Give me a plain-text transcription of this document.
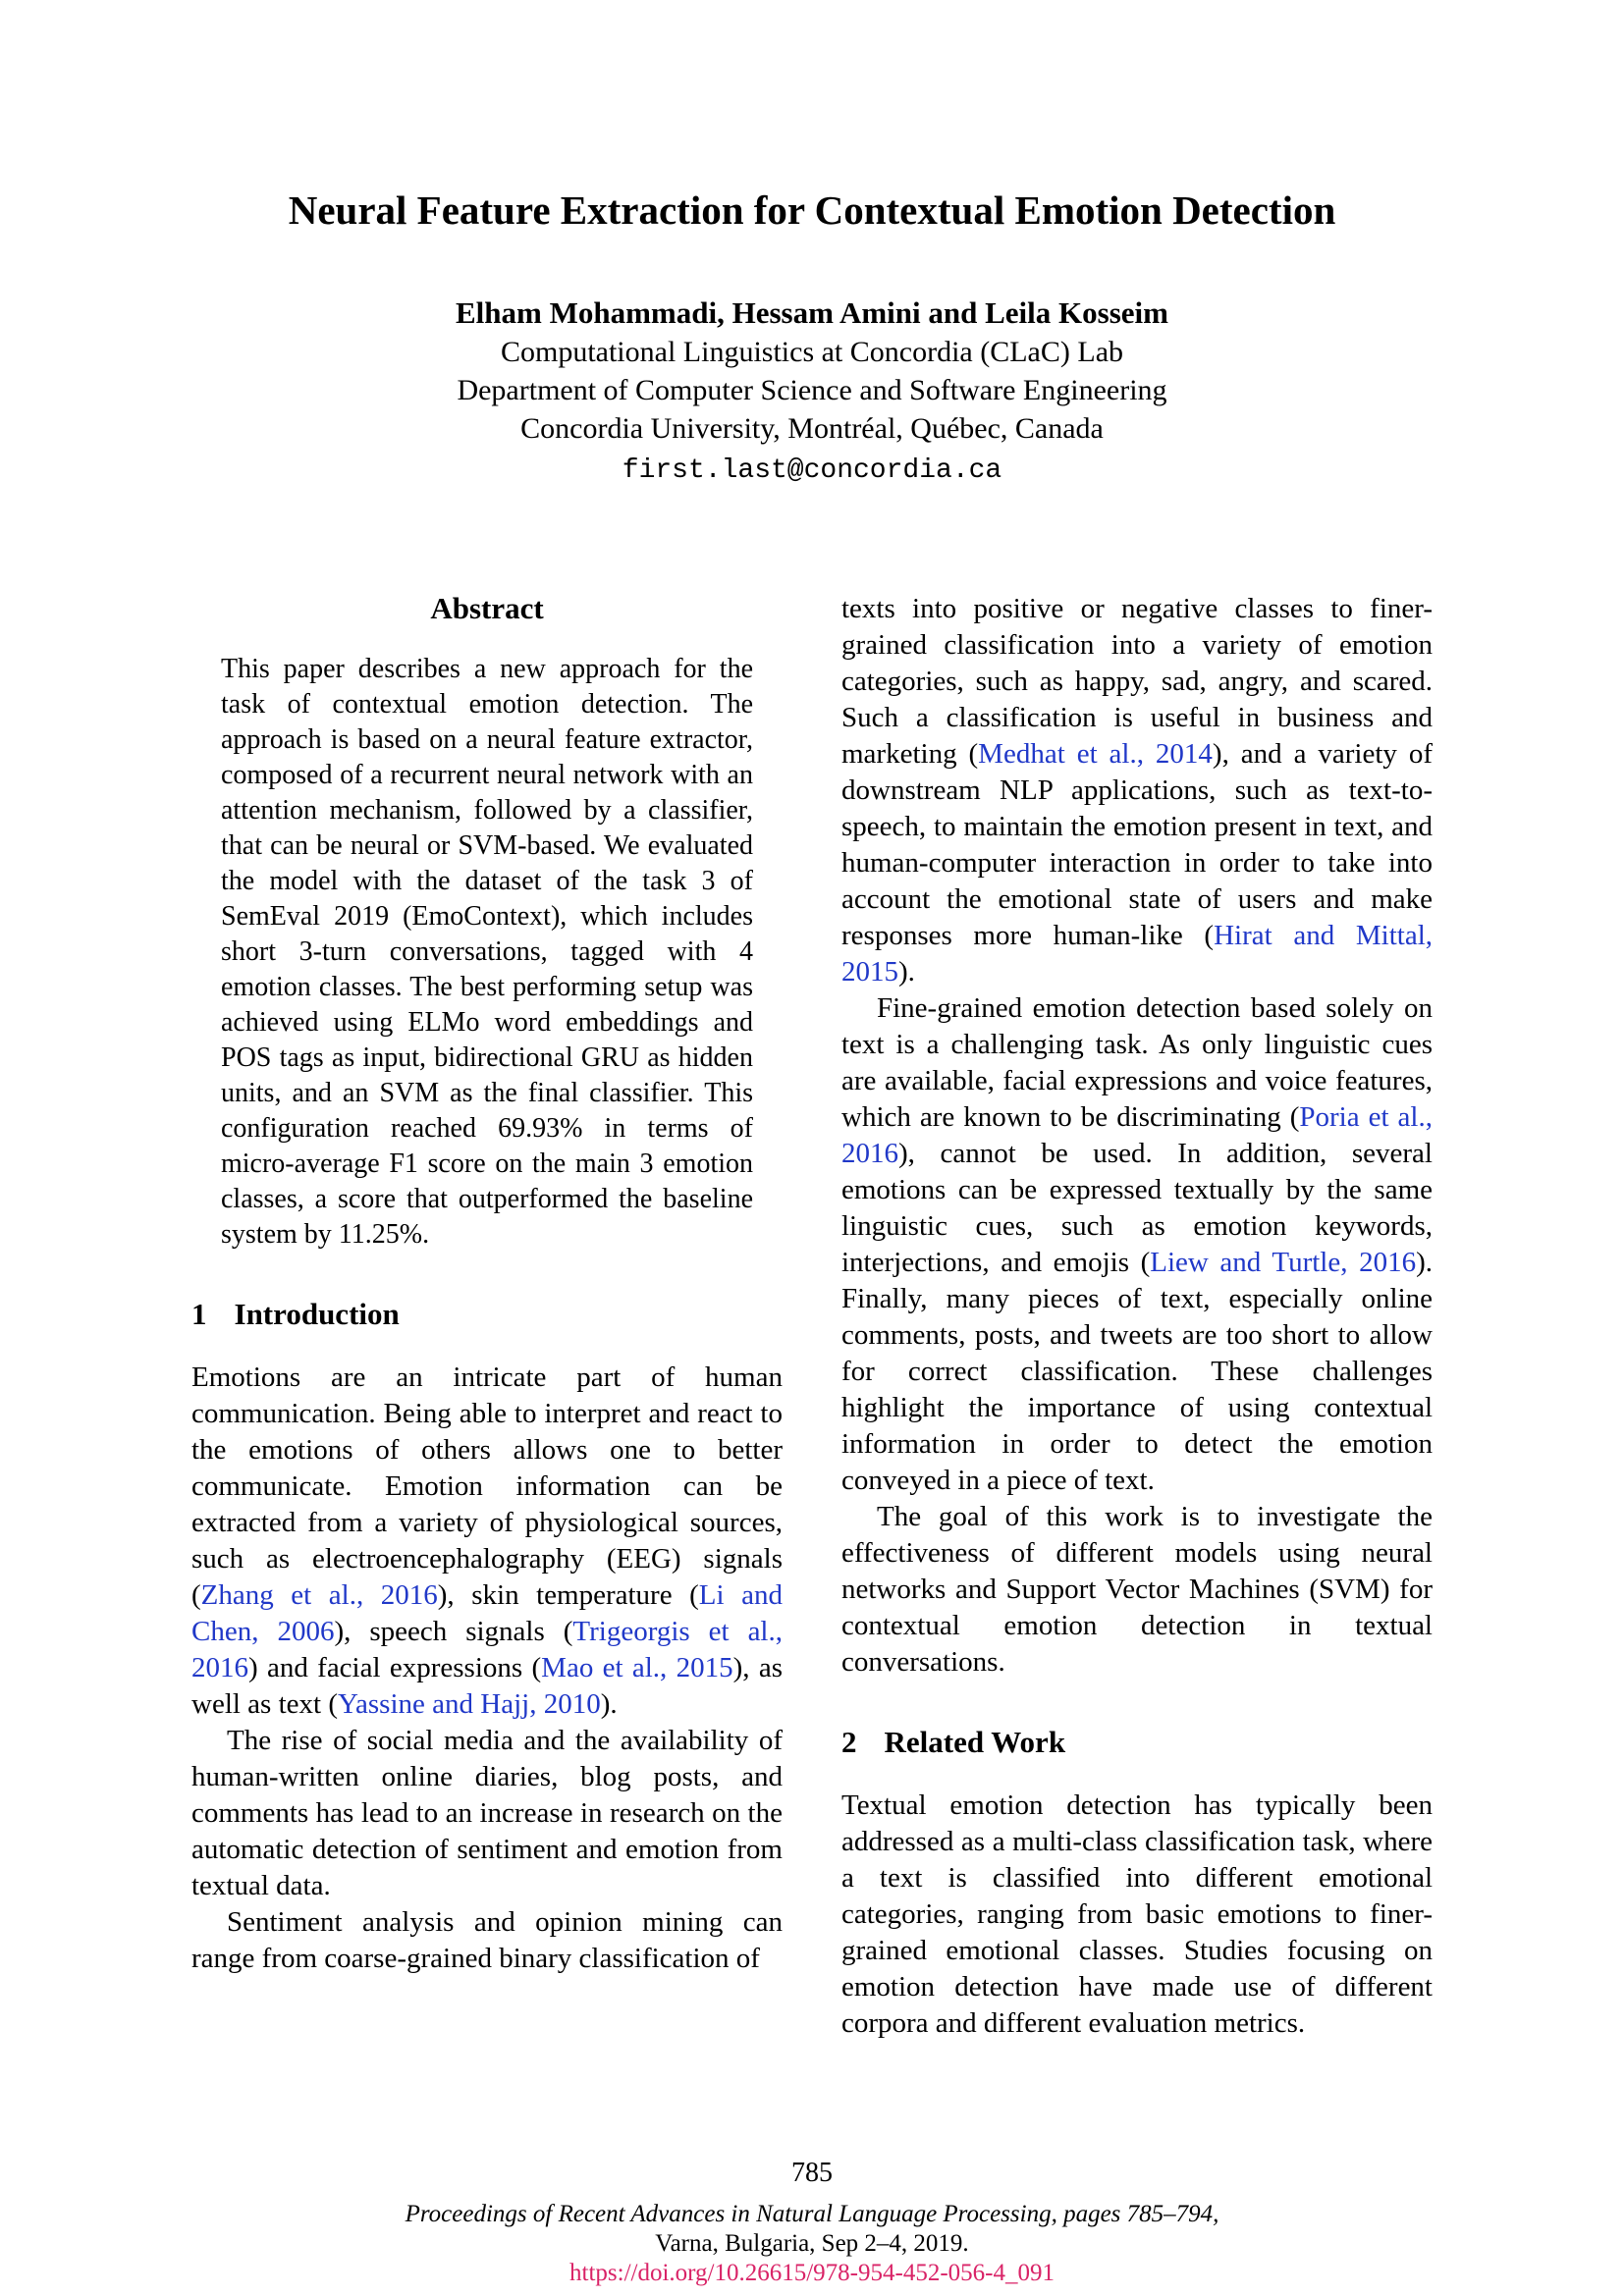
Neural Feature Extraction for Contextual Emotion Detection
Elham Mohammadi, Hessam Amini and Leila Kosseim
Computational Linguistics at Concordia (CLaC) Lab
Department of Computer Science and Software Engineering
Concordia University, Montréal, Québec, Canada
first.last@concordia.ca
Abstract

This paper describes a new approach for the task of contextual emotion detection. The approach is based on a neural feature extractor, composed of a recurrent neural network with an attention mechanism, followed by a classifier, that can be neural or SVM-based. We evaluated the model with the dataset of the task 3 of SemEval 2019 (EmoContext), which includes short 3-turn conversations, tagged with 4 emotion classes. The best performing setup was achieved using ELMo word embeddings and POS tags as input, bidirectional GRU as hidden units, and an SVM as the final classifier. This configuration reached 69.93% in terms of micro-average F1 score on the main 3 emotion classes, a score that outperformed the baseline system by 11.25%.

1 Introduction

Emotions are an intricate part of human communication. Being able to interpret and react to the emotions of others allows one to better communicate. Emotion information can be extracted from a variety of physiological sources, such as electroencephalography (EEG) signals (Zhang et al., 2016), skin temperature (Li and Chen, 2006), speech signals (Trigeorgis et al., 2016) and facial expressions (Mao et al., 2015), as well as text (Yassine and Hajj, 2010).

The rise of social media and the availability of human-written online diaries, blog posts, and comments has lead to an increase in research on the automatic detection of sentiment and emotion from textual data.

Sentiment analysis and opinion mining can range from coarse-grained binary classification of

texts into positive or negative classes to finer-grained classification into a variety of emotion categories, such as happy, sad, angry, and scared. Such a classification is useful in business and marketing (Medhat et al., 2014), and a variety of downstream NLP applications, such as text-to-speech, to maintain the emotion present in text, and human-computer interaction in order to take into account the emotional state of users and make responses more human-like (Hirat and Mittal, 2015).

Fine-grained emotion detection based solely on text is a challenging task. As only linguistic cues are available, facial expressions and voice features, which are known to be discriminating (Poria et al., 2016), cannot be used. In addition, several emotions can be expressed textually by the same linguistic cues, such as emotion keywords, interjections, and emojis (Liew and Turtle, 2016). Finally, many pieces of text, especially online comments, posts, and tweets are too short to allow for correct classification. These challenges highlight the importance of using contextual information in order to detect the emotion conveyed in a piece of text.

The goal of this work is to investigate the effectiveness of different models using neural networks and Support Vector Machines (SVM) for contextual emotion detection in textual conversations.

2 Related Work

Textual emotion detection has typically been addressed as a multi-class classification task, where a text is classified into different emotional categories, ranging from basic emotions to finer-grained emotional classes. Studies focusing on emotion detection have made use of different corpora and different evaluation metrics.

785
Proceedings of Recent Advances in Natural Language Processing, pages 785–794,
Varna, Bulgaria, Sep 2–4, 2019.
https://doi.org/10.26615/978-954-452-056-4_091
